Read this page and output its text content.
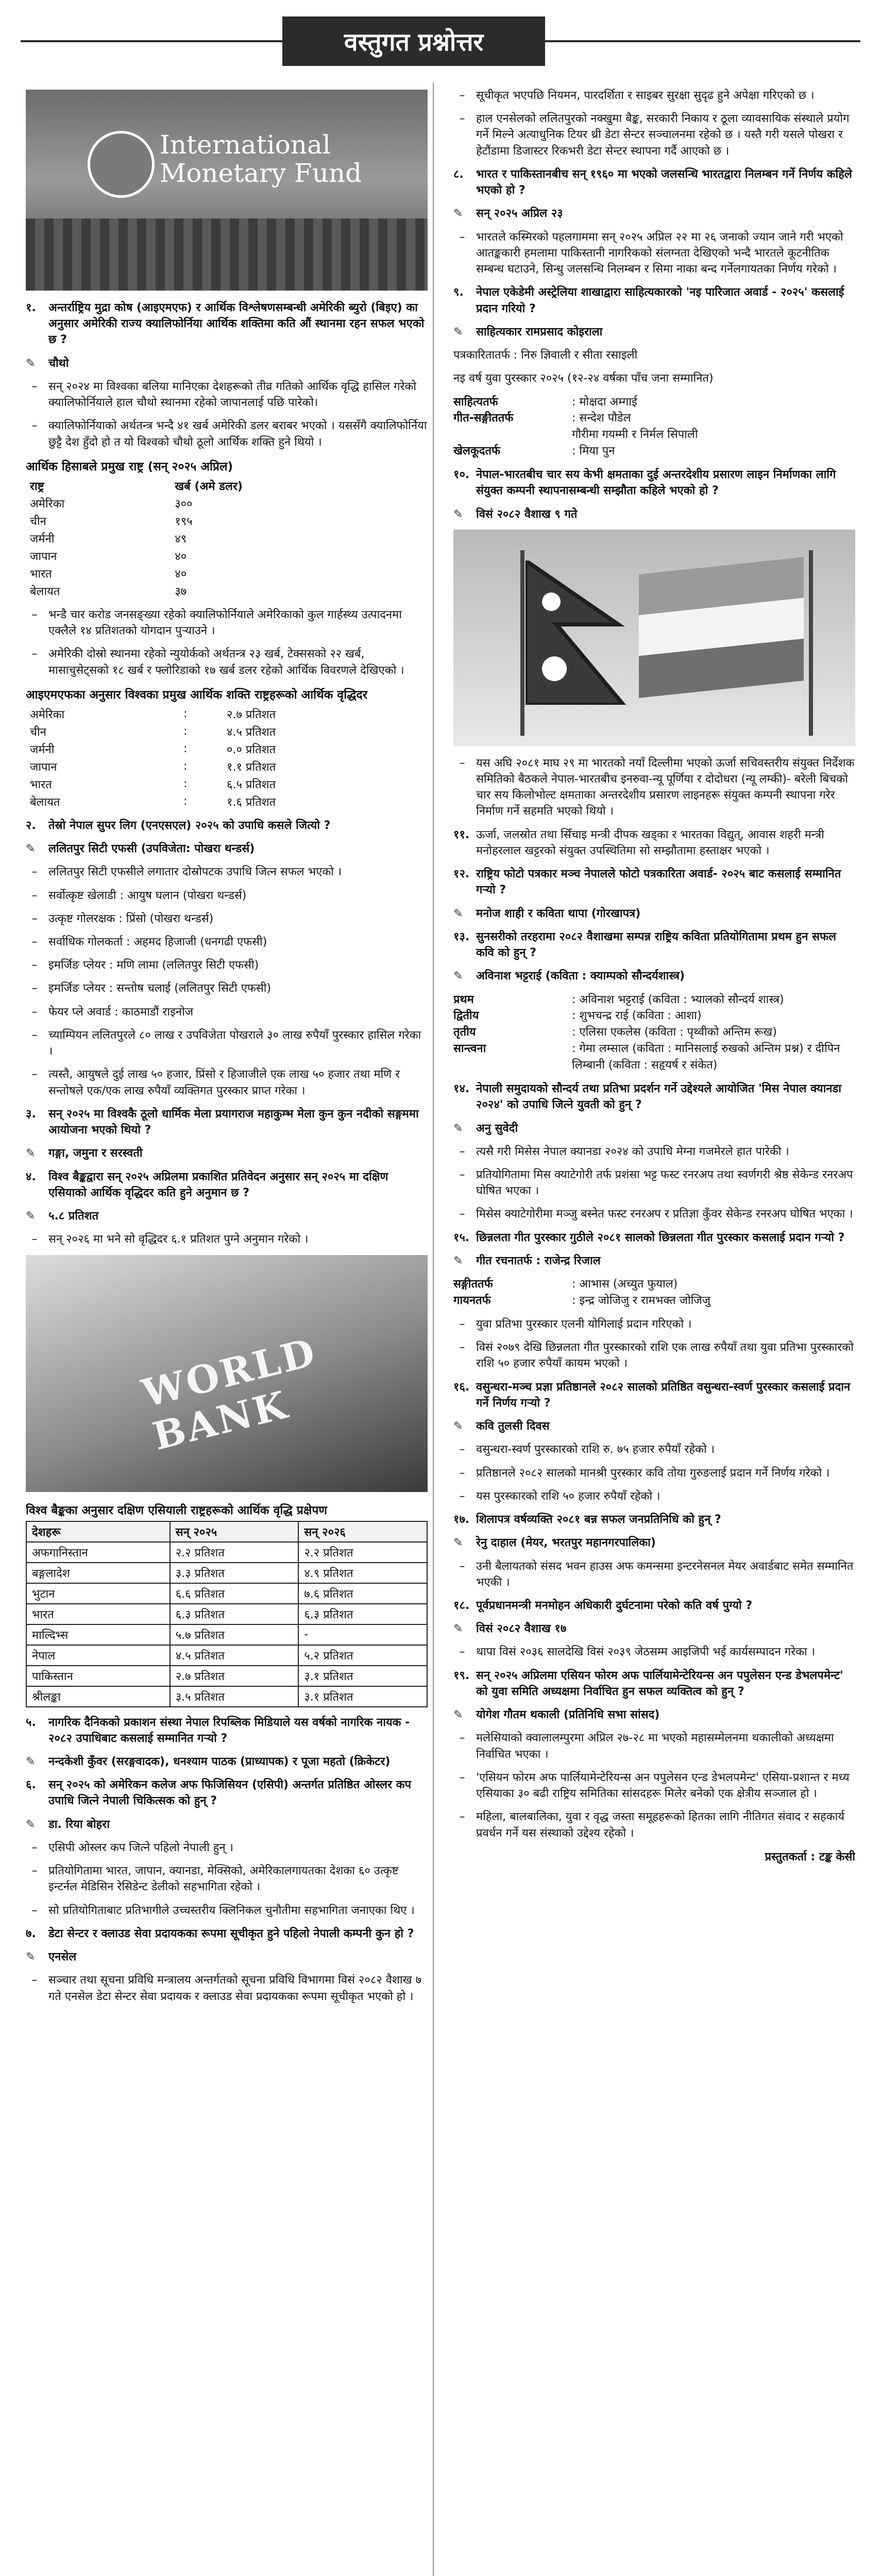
वस्तुगत प्रश्नोत्तर
International
Monetary Fund
१.	अन्तर्राष्ट्रिय मुद्रा कोष (आइएमएफ) र आर्थिक विश्लेषणसम्बन्धी अमेरिकी ब्युरो (बिइए) का अनुसार अमेरिकी राज्य क्यालिफोर्निया आर्थिक शक्तिमा कति औं स्थानमा रहन सफल भएको छ ?
✎	चौथो
– सन् २०२४ मा विश्वका बलिया मानिएका देशहरूको तीव्र गतिको आर्थिक वृद्धि हासिल गरेको क्यालिफोर्नियाले हाल चौथो स्थानमा रहेको जापानलाई पछि पारेको।
– क्यालिफोर्नियाको अर्थतन्त्र भन्दै ४१ खर्ब अमेरिकी डलर बराबर भएको । यससँगै क्यालिफोर्निया छुट्टै देश हुँदो हो त यो विश्वको चौथो ठूलो आर्थिक शक्ति हुने थियो ।
आर्थिक हिसाबले प्रमुख राष्ट्र (सन् २०२५ अप्रिल)
राष्ट्र	खर्ब (अमे डलर)
अमेरिका	३००
चीन	१९५
जर्मनी	४९
जापान	४०
भारत	४०
बेलायत	३७
– भन्डै चार करोड जनसङ्ख्या रहेको क्यालिफोर्नियाले अमेरिकाको कुल गार्हस्थ्य उत्पादनमा एक्लैले १४ प्रतिशतको योगदान पुऱ्याउने ।
– अमेरिकी दोस्रो स्थानमा रहेको न्युयोर्कको अर्थतन्त्र २३ खर्ब, टेक्ससको २२ खर्ब, मासाचुसेट्सको १८ खर्ब र फ्लोरिडाको १७ खर्ब डलर रहेको आर्थिक विवरणले देखिएको ।
आइएमएफका अनुसार विश्वका प्रमुख आर्थिक शक्ति राष्ट्रहरूको आर्थिक वृद्धिदर
अमेरिका	:	२.७ प्रतिशत
चीन	:	४.५ प्रतिशत
जर्मनी	:	०.० प्रतिशत
जापान	:	१.१ प्रतिशत
भारत	:	६.५ प्रतिशत
बेलायत	:	१.६ प्रतिशत
२.	तेस्रो नेपाल सुपर लिग (एनएसएल) २०२५ को उपाधि कसले जित्यो ?
✎	ललितपुर सिटी एफसी (उपविजेता: पोखरा थन्डर्स)
– ललितपुर सिटी एफसीले लगातार दोस्रोपटक उपाधि जित्न सफल भएको ।
– सर्वोत्कृष्ट खेलाडी : आयुष घलान (पोखरा थन्डर्स)
– उत्कृष्ट गोलरक्षक : प्रिंसो (पोखरा थन्डर्स)
– सर्वाधिक गोलकर्ता : अहमद हिजाजी (धनगढी एफसी)
– इमर्जिङ प्लेयर : मणि लामा (ललितपुर सिटी एफसी)
– इमर्जिङ प्लेयर : सन्तोष चलाई (ललितपुर सिटी एफसी)
– फेयर प्ले अवार्ड : काठमाडौं राइनोज
– च्याम्पियन ललितपुरले ८० लाख र उपविजेता पोखराले ३० लाख रुपैयाँ पुरस्कार हासिल गरेका ।
– त्यस्तै, आयुषले दुई लाख ५० हजार, प्रिंसो र हिजाजीले एक लाख ५० हजार तथा मणि र सन्तोषले एक/एक लाख रुपैयाँ व्यक्तिगत पुरस्कार प्राप्त गरेका ।
३.	सन् २०२५ मा विश्वकै ठूलो धार्मिक मेला प्रयागराज महाकुम्भ मेला कुन कुन नदीको सङ्गममा आयोजना भएको थियो ?
✎	गङ्गा, जमुना र सरस्वती
४.	विश्व बैङ्कद्वारा सन् २०२५ अप्रिलमा प्रकाशित प्रतिवेदन अनुसार सन् २०२५ मा दक्षिण एसियाको आर्थिक वृद्धिदर कति हुने अनुमान छ ?
✎	५.८ प्रतिशत
– सन् २०२६ मा भने सो वृद्धिदर ६.१ प्रतिशत पुग्ने अनुमान गरेको ।
WORLD BANK
विश्व बैङ्कका अनुसार दक्षिण एसियाली राष्ट्रहरूको आर्थिक वृद्धि प्रक्षेपण
देशहरू	सन् २०२५	सन् २०२६
अफगानिस्तान	२.२ प्रतिशत	२.२ प्रतिशत
बङ्गलादेश	३.३ प्रतिशत	४.९ प्रतिशत
भुटान	६.६ प्रतिशत	७.६ प्रतिशत
भारत	६.३ प्रतिशत	६.३ प्रतिशत
माल्दिभ्स	५.७ प्रतिशत	-
नेपाल	४.५ प्रतिशत	५.२ प्रतिशत
पाकिस्तान	२.७ प्रतिशत	३.१ प्रतिशत
श्रीलङ्का	३.५ प्रतिशत	३.१ प्रतिशत
५.	नागरिक दैनिकको प्रकाशन संस्था नेपाल रिपब्लिक मिडियाले यस वर्षको नागरिक नायक - २०८२ उपाधिबाट कसलाई सम्मानित गऱ्यो ?
✎	नन्दकेशी कुँवर (सरङ्गवादक), धनश्याम पाठक (प्राध्यापक) र पूजा महतो (क्रिकेटर)
६.	सन् २०२५ को अमेरिकन कलेज अफ फिजिसियन (एसिपी) अन्तर्गत प्रतिष्ठित ओस्लर कप उपाधि जित्ने नेपाली चिकित्सक को हुन् ?
✎	डा. रिया बोहरा
– एसिपी ओस्लर कप जित्ने पहिलो नेपाली हुन् ।
– प्रतियोगितामा भारत, जापान, क्यानडा, मेक्सिको, अमेरिकालगायतका देशका ६० उत्कृष्ट इन्टर्नल मेडिसिन रेसिडेन्ट डेलीको सहभागिता रहेको ।
– सो प्रतियोगिताबाट प्रतिभागीले उच्चस्तरीय क्लिनिकल चुनौतीमा सहभागिता जनाएका थिए ।
७.	डेटा सेन्टर र क्लाउड सेवा प्रदायकका रूपमा सूचीकृत हुने पहिलो नेपाली कम्पनी कुन हो ?
✎	एनसेल
– सञ्चार तथा सूचना प्रविधि मन्त्रालय अन्तर्गतको सूचना प्रविधि विभागमा विसं २०८२ वैशाख ७ गते एनसेल डेटा सेन्टर सेवा प्रदायक र क्लाउड सेवा प्रदायकका रूपमा सूचीकृत भएको हो ।
– सूचीकृत भएपछि नियमन, पारदर्शिता र साइबर सुरक्षा सुदृढ हुने अपेक्षा गरिएको छ ।
– हाल एनसेलको ललितपुरको नक्खुमा बैङ्क, सरकारी निकाय र ठूला व्यावसायिक संस्थाले प्रयोग गर्ने मिल्ने अत्याधुनिक टियर थ्री डेटा सेन्टर सञ्चालनमा रहेको छ । यस्तै गरी यसले पोखरा र हेटौंडामा डिजास्टर रिकभरी डेटा सेन्टर स्थापना गर्दै आएको छ ।
८.	भारत र पाकिस्तानबीच सन् १९६० मा भएको जलसन्धि भारतद्वारा निलम्बन गर्ने निर्णय कहिले भएको हो ?
✎	सन् २०२५ अप्रिल २३
– भारतले कस्मिरको पहलगाममा सन् २०२५ अप्रिल २२ मा २६ जनाको ज्यान जाने गरी भएको आतङ्ककारी हमलामा पाकिस्तानी नागरिकको संलग्नता देखिएको भन्दै भारतले कूटनीतिक सम्बन्ध घटाउने, सिन्धु जलसन्धि निलम्बन र सिमा नाका बन्द गर्नेलगायतका निर्णय गरेको ।
९.	नेपाल एकेडेमी अस्ट्रेलिया शाखाद्वारा साहित्यकारको 'नइ पारिजात अवार्ड - २०२५' कसलाई प्रदान गरियो ?
✎	साहित्यकार रामप्रसाद कोइराला
पत्रकारितातर्फ : निरु ज्ञिवाली र सीता रसाइली
नइ वर्ष युवा पुरस्कार २०२५ (१२-२४ वर्षका पाँच जना सम्मानित)
साहित्यतर्फ	: मोक्षदा अम्गाई
गीत-सङ्गीततर्फ	: सन्देश पौडेल
गौरीमा गयम्मी र निर्मल सिपाली
खेलकूदतर्फ	: मिया पुन
१०. नेपाल-भारतबीच चार सय केभी क्षमताका दुई अन्तरदेशीय प्रसारण लाइन निर्माणका लागि संयुक्त कम्पनी स्थापनासम्बन्धी सम्झौता कहिले भएको हो ?
✎	विसं २०८२ वैशाख ९ गते
– यस अघि २०८१ माघ २९ मा भारतको नयाँ दिल्लीमा भएको ऊर्जा सचिवस्तरीय संयुक्त निर्देशक समितिको बैठकले नेपाल-भारतबीच इनरुवा-न्यू पूर्णिया र दोदोधरा (न्यू लम्की)- बरेली बिचको चार सय किलोभोल्ट क्षमताका अन्तरदेशीय प्रसारण लाइनहरू संयुक्त कम्पनी स्थापना गरेर निर्माण गर्ने सहमति भएको थियो ।
११. ऊर्जा, जलस्रोत तथा सिँचाइ मन्त्री दीपक खड्का र भारतका विद्युत्, आवास शहरी मन्त्री मनोहरलाल खट्टरको संयुक्त उपस्थितिमा सो सम्झौतामा हस्ताक्षर भएको ।
१२. राष्ट्रिय फोटो पत्रकार मञ्च नेपालले फोटो पत्रकारिता अवार्ड- २०२५ बाट कसलाई सम्मानित गऱ्यो ?
✎	मनोज शाही र कविता थापा (गोरखापत्र)
१३. सुनसरीको तरहरामा २०८२ वैशाखमा सम्पन्न राष्ट्रिय कविता प्रतियोगितामा प्रथम हुन सफल कवि को हुन् ?
✎	अविनाश भट्टराई (कविता : क्याम्पको सौन्दर्यशास्त्र)
प्रथम	: अविनाश भट्टराई (कविता : भ्यालको सौन्दर्य शास्त्र)
द्वितीय	: शुभचन्द्र राई (कविता : आशा)
तृतीय	: एलिसा एकलेस (कविता : पृथ्वीको अन्तिम रूख)
सान्त्वना	: गेमा लम्साल (कविता : मानिसलाई रुखको अन्तिम प्रश्न) र दीपिन लिम्बानी (कविता : सहृयर्ष र संकेत)
१४. नेपाली समुदायको सौन्दर्य तथा प्रतिभा प्रदर्शन गर्ने उद्देश्यले आयोजित 'मिस नेपाल क्यानडा २०२४' को उपाधि जित्ने युवती को हुन् ?
✎	अनु सुवेदी
– त्यसै गरी मिसेस नेपाल क्यानडा २०२४ को उपाधि मेग्ना गजमेरले हात पारेकी ।
– प्रतियोगितामा मिस क्याटेगोरी तर्फ प्रशंसा भट्ट फस्ट रनरअप तथा स्वर्णगरी श्रेष्ठ सेकेन्ड रनरअप घोषित भएका ।
– मिसेस क्याटेगोरीमा मञ्जु बस्नेत फस्ट रनरअप र प्रतिज्ञा कुँवर सेकेन्ड रनरअप घोषित भएका ।
१५. छिन्नलता गीत पुरस्कार गुठीले २०८१ सालको छिन्नलता गीत पुरस्कार कसलाई प्रदान गऱ्यो ?
✎	गीत रचनातर्फ : राजेन्द्र रिजाल
सङ्गीततर्फ	: आभास (अच्युत फुयाल)
गायनतर्फ	: इन्द्र जोजिजु र रामभक्त जोजिजु
– युवा प्रतिभा पुरस्कार एलनी योगिलाई प्रदान गरिएको ।
– विसं २०७९ देखि छिन्नलता गीत पुरस्कारको राशि एक लाख रुपैयाँ तथा युवा प्रतिभा पुरस्कारको राशि ५० हजार रुपैयाँ कायम भएको ।
१६. वसुन्धरा-मञ्च प्रज्ञा प्रतिष्ठानले २०८२ सालको प्रतिष्ठित वसुन्धरा-स्वर्ण पुरस्कार कसलाई प्रदान गर्ने निर्णय गऱ्यो ?
✎	कवि तुलसी दिवस
– वसुन्धरा-स्वर्ण पुरस्कारको राशि रु. ७५ हजार रुपैयाँ रहेको ।
– प्रतिष्ठानले २०८२ सालको मानश्री पुरस्कार कवि तोया गुरुङलाई प्रदान गर्ने निर्णय गरेको ।
– यस पुरस्कारको राशि ५० हजार रुपैयाँ रहेको ।
१७. शिलापत्र वर्षव्यक्ति २०८१ बन्न सफल जनप्रतिनिधि को हुन् ?
✎	रेनु दाहाल (मेयर, भरतपुर महानगरपालिका)
– उनी बैलायतको संसद भवन हाउस अफ कमन्समा इन्टरनेसनल मेयर अवार्डबाट समेत सम्मानित भएकी ।
१८. पूर्वप्रधानमन्त्री मनमोहन अधिकारी दुर्घटनामा परेको कति वर्ष पुग्यो ?
✎	विसं २०८२ वैशाख १७
– थापा विसं २०३६ सालदेखि विसं २०३९ जेठसम्म आइजिपी भई कार्यसम्पादन गरेका ।
१९. सन् २०२५ अप्रिलमा एसियन फोरम अफ पार्लियामेन्टेरियन्स अन पपुलेसन एन्ड डेभलपमेन्ट' को युवा समिति अध्यक्षमा निर्वाचित हुन सफल व्यक्तित्व को हुन् ?
✎	योगेश गौतम थकाली (प्रतिनिधि सभा सांसद)
– मलेसियाको क्वालालम्पुरमा अप्रिल २७-२८ मा भएको महासम्मेलनमा थकालीको अध्यक्षमा निर्वाचित भएका ।
– 'एसियन फोरम अफ पार्लियामेन्टेरियन्स अन पपुलेसन एन्ड डेभलपमेन्ट' एसिया-प्रशान्त र मध्य एसियाका ३० बढी राष्ट्रिय समितिका सांसदहरू मिलेर बनेको एक क्षेत्रीय सञ्जाल हो ।
– महिला, बालबालिका, युवा र वृद्ध जस्ता समूहहरूको हितका लागि नीतिगत संवाद र सहकार्य प्रवर्धन गर्ने यस संस्थाको उद्देश्य रहेको ।
प्रस्तुतकर्ता : टङ्क केसी
